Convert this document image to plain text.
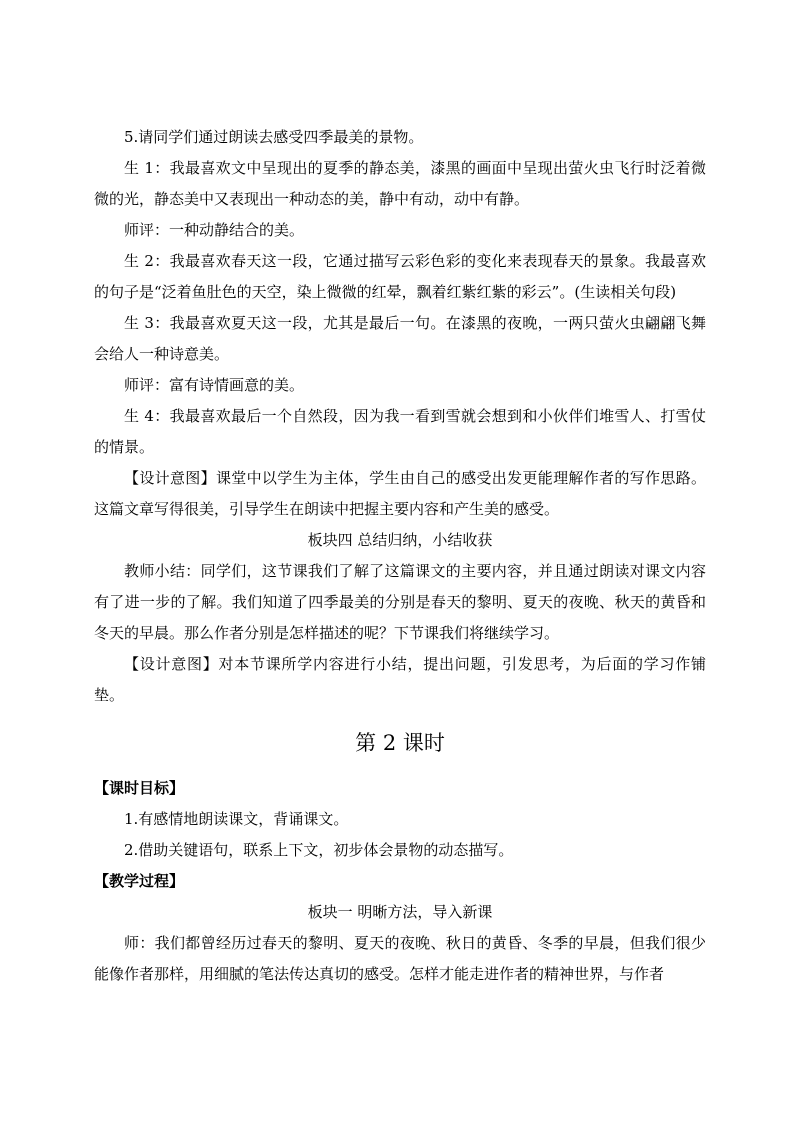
5.请同学们通过朗读去感受四季最美的景物。

生 1：我最喜欢文中呈现出的夏季的静态美，漆黑的画面中呈现出萤火虫飞行时泛着微微的光，静态美中又表现出一种动态的美，静中有动，动中有静。

师评：一种动静结合的美。

生 2：我最喜欢春天这一段，它通过描写云彩色彩的变化来表现春天的景象。我最喜欢的句子是“泛着鱼肚色的天空，染上微微的红晕，飘着红紫红紫的彩云”。(生读相关句段)

生 3：我最喜欢夏天这一段，尤其是最后一句。在漆黑的夜晚，一两只萤火虫翩翩飞舞会给人一种诗意美。

师评：富有诗情画意的美。

生 4：我最喜欢最后一个自然段，因为我一看到雪就会想到和小伙伴们堆雪人、打雪仗的情景。

【设计意图】课堂中以学生为主体，学生由自己的感受出发更能理解作者的写作思路。这篇文章写得很美，引导学生在朗读中把握主要内容和产生美的感受。

板块四 总结归纳，小结收获

教师小结：同学们，这节课我们了解了这篇课文的主要内容，并且通过朗读对课文内容有了进一步的了解。我们知道了四季最美的分别是春天的黎明、夏天的夜晚、秋天的黄昏和冬天的早晨。那么作者分别是怎样描述的呢？下节课我们将继续学习。

【设计意图】对本节课所学内容进行小结，提出问题，引发思考，为后面的学习作铺垫。

第 2 课时

【课时目标】

1.有感情地朗读课文，背诵课文。

2.借助关键语句，联系上下文，初步体会景物的动态描写。

【教学过程】

板块一 明晰方法，导入新课

师：我们都曾经历过春天的黎明、夏天的夜晚、秋日的黄昏、冬季的早晨，但我们很少能像作者那样，用细腻的笔法传达真切的感受。怎样才能走进作者的精神世界，与作者
